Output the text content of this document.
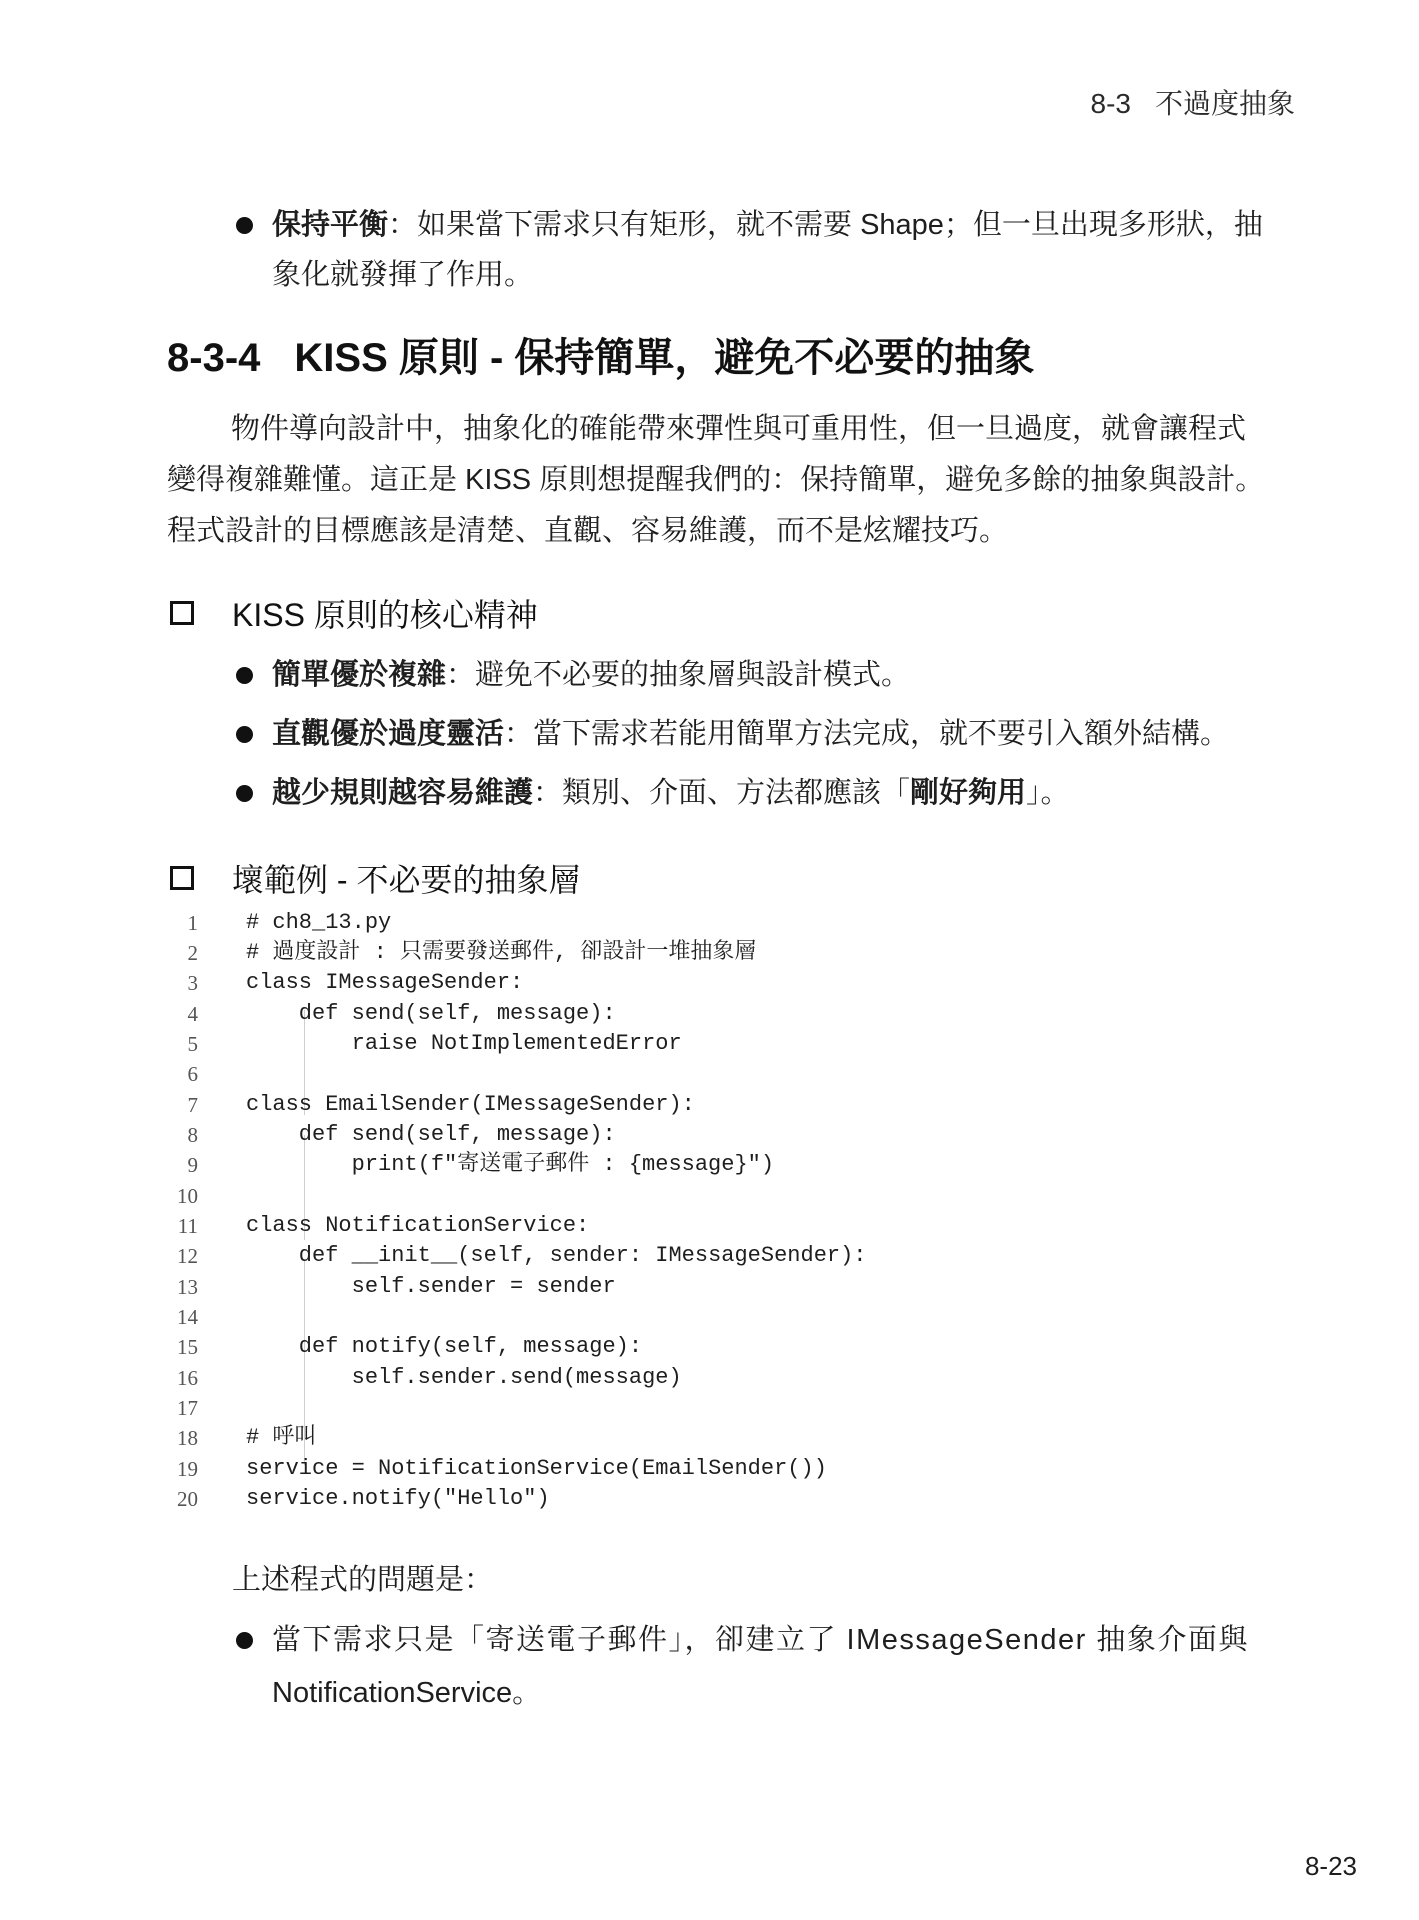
8-3 不過度抽象
保持平衡：如果當下需求只有矩形，就不需要 Shape；但一旦出現多形狀，抽
象化就發揮了作用。
8-3-4 KISS 原則 - 保持簡單，避免不必要的抽象

物件導向設計中，抽象化的確能帶來彈性與可重用性，但一旦過度，就會讓程式

變得複雜難懂。這正是 KISS 原則想提醒我們的：保持簡單，避免多餘的抽象與設計。

程式設計的目標應該是清楚、直觀、容易維護，而不是炫耀技巧。

KISS 原則的核心精神
簡單優於複雜：避免不必要的抽象層與設計模式。
直觀優於過度靈活：當下需求若能用簡單方法完成，就不要引入額外結構。
越少規則越容易維護：類別、介面、方法都應該「剛好夠用」。
壞範例 - 不必要的抽象層
1 # ch8_13.py
2 # 過度設計 : 只需要發送郵件, 卻設計一堆抽象層
3 class IMessageSender:
4 def send(self, message):
5 raise NotImplementedError
6
7 class EmailSender(IMessageSender):
8 def send(self, message):
9 print(f"寄送電子郵件 : {message}")
10
11 class NotificationService:
12 def __init__(self, sender: IMessageSender):
13 self.sender = sender
14
15 def notify(self, message):
16 self.sender.send(message)
17
18 # 呼叫
19 service = NotificationService(EmailSender())
20 service.notify("Hello")
上述程式的問題是：
當下需求只是「寄送電子郵件」，卻建立了 IMessageSender 抽象介面與
NotificationService。
8-23
